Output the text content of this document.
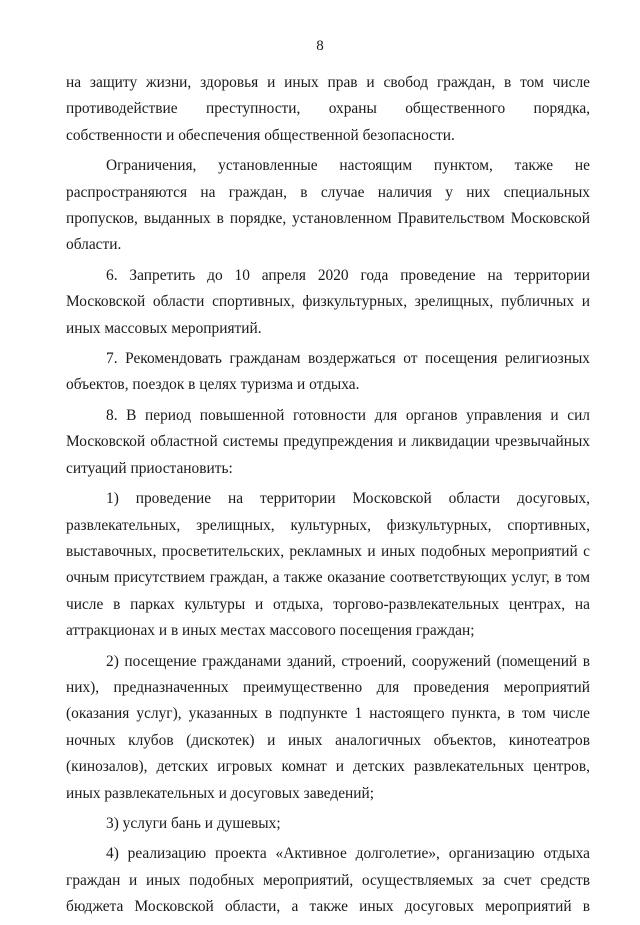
8

на защиту жизни, здоровья и иных прав и свобод граждан, в том числе противодействие преступности, охраны общественного порядка, собственности и обеспечения общественной безопасности.

Ограничения, установленные настоящим пунктом, также не распространяются на граждан, в случае наличия у них специальных пропусков, выданных в порядке, установленном Правительством Московской области.

6. Запретить до 10 апреля 2020 года проведение на территории Московской области спортивных, физкультурных, зрелищных, публичных и иных массовых мероприятий.

7. Рекомендовать гражданам воздержаться от посещения религиозных объектов, поездок в целях туризма и отдыха.

8. В период повышенной готовности для органов управления и сил Московской областной системы предупреждения и ликвидации чрезвычайных ситуаций приостановить:

1) проведение на территории Московской области досуговых, развлекательных, зрелищных, культурных, физкультурных, спортивных, выставочных, просветительских, рекламных и иных подобных мероприятий с очным присутствием граждан, а также оказание соответствующих услуг, в том числе в парках культуры и отдыха, торгово-развлекательных центрах, на аттракционах и в иных местах массового посещения граждан;

2) посещение гражданами зданий, строений, сооружений (помещений в них), предназначенных преимущественно для проведения мероприятий (оказания услуг), указанных в подпункте 1 настоящего пункта, в том числе ночных клубов (дискотек) и иных аналогичных объектов, кинотеатров (кинозалов), детских игровых комнат и детских развлекательных центров, иных развлекательных и досуговых заведений;

3) услуги бань и душевых;

4) реализацию проекта «Активное долголетие», организацию отдыха граждан и иных подобных мероприятий, осуществляемых за счет средств бюджета Московской области, а также иных досуговых мероприятий в
